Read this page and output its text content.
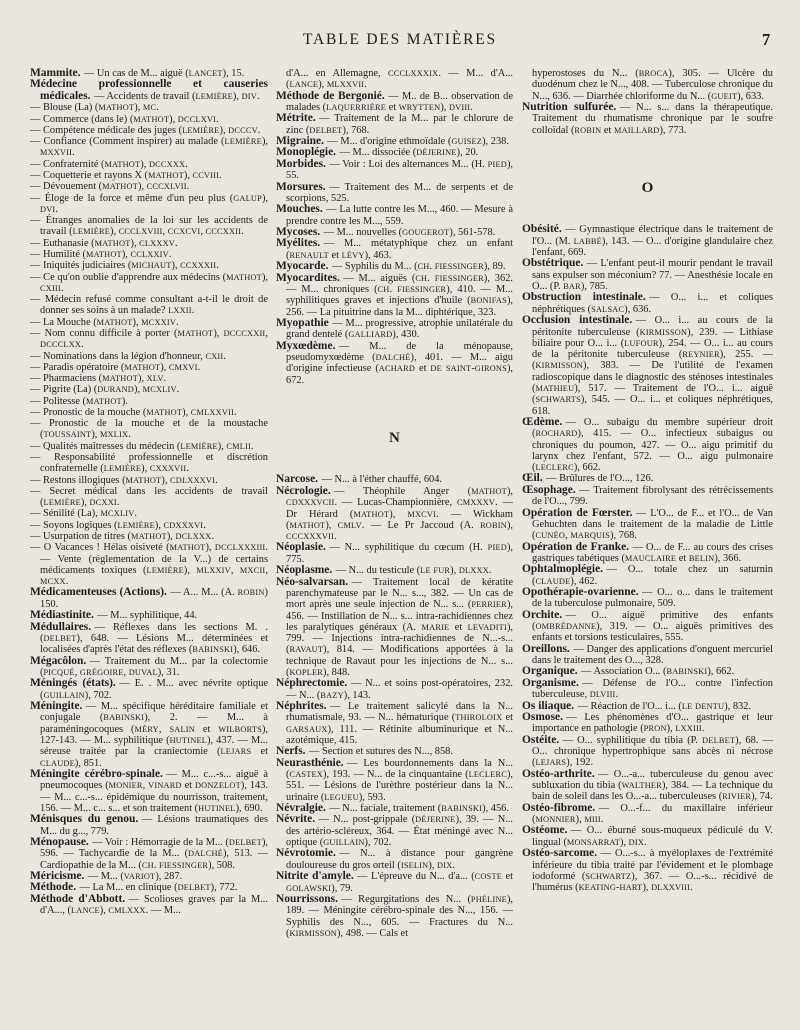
TABLE DES MATIÈRES	7

Mammite. — Un cas de M... aiguë (LANCET), 15.

Médecine professionnelle et causeries médicales. — Accidents de travail (LEMIÈRE), DIV.

— Blouse (La) (MATHOT), MC.

— Commerce (dans le) (MATHOT), DCCLXVI.

— Compétence médicale des juges (LEMIÈRE), DCCCV.

— Confiance (Comment inspirer) au malade (LEMIÈRE), MXXVII.

— Confraternité (MATHOT), DCCXXX.

— Coquetterie et rayons X (MATHOT), CCVIII.

— Dévouement (MATHOT), CCCXLVII.

— Éloge de la force et même d'un peu plus (GALUP), DVI.

— Étranges anomalies de la loi sur les accidents de travail (LEMIÈRE), CCCLXVIII, CCXCVI, CCCXXII.

— Euthanasie (MATHOT), CLXXXV.

— Humilité (MATHOT), CCLXXIV.

— Iniquités judiciaires (MICHAUT), CCXXXII.

— Ce qu'on oublie d'apprendre aux médecins (MATHOT), CXIII.

— Médecin refusé comme consultant a-t-il le droit de donner ses soins à un malade? LXXII.

— La Mouche (MATHOT), MCXXIV.

— Nom connu difficile à porter (MATHOT), DCCCXXII, DCCCLXX.

— Nominations dans la légion d'honneur, CXII.

— Paradis opératoire (MATHOT), CMXVI.

— Pharmaciens (MATHOT), XLV.

— Pigrite (La) (DURAND), MCXLIV.

— Politesse (MATHOT).

— Pronostic de la mouche (MATHOT), CMLXXVII.

— Pronostic de la mouche et de la moustache (TOUSSAINT), MXLIX.

— Qualités maîtresses du médecin (LEMIÈRE), CMLII.

— Responsabilité professionnelle et discrétion confraternelle (LEMIÈRE), CXXXVII.

— Restons illogiques (MATHOT), CDLXXXVI.

— Secret médical dans les accidents de travail (LEMIÈRE), DCXXI.

— Sénilité (La), MCXLIV.

— Soyons logiques (LEMIÈRE), CDXXXVI.

— Usurpation de titres (MATHOT), DCLXXX.

— O Vacances ! Hélas oisiveté (MATHOT), DCCLXXXIII. — Vente (réglementation de la V...) de certains médicaments toxiques (LEMIÈRE), MLXXIV, MXCII, MCXX.

Médicamenteuses (Actions). — A... M... (A. ROBIN) 150.

Médiastinite. — M... syphilitique, 44.

Médullaires. — Réflexes dans les sections M. . (DELBET), 648. — Lésions M... déterminées et localisées d'après l'état des réflexes (BABINSKI), 646.

Mégacôlon. — Traitement du M... par la colectomie (PICQUÉ, GRÉGOIRE, DUVAL), 31.

Méningés (états). — E. . M... avec névrite optique (GUILLAIN), 702.

Méningite. — M... spécifique héréditaire familiale et conjugale (BABINSKI), 2. — M... à paraméningocoques (MÉRY, SALIN et WILBORTS), 127-143. — M... syphilitique (HUTINEL), 437. — M... séreuse traitée par la craniectomie (LEJARS et CLAUDE), 851.

Méningite cérébro-spinale. — M... c...-s... aiguë à pneumocoques (MONIER, VINARD et DONZELOT), 143. — M... c...-s... épidémique du nourrisson, traitement, 156. — M... c... s... et son traitement (HUTINEL), 690.

Ménisques du genou. — Lésions traumatiques des M... du g..., 779.

Ménopause. — Voir : Hémorragie de la M... (DELBET), 596. — Tachycardie de la M... (DALCHÉ), 513. — Cardiopathie de la M... (CH. FIESSINGER), 508.

Méricisme. — M... (VARIOT), 287.

Méthode. — La M... en clinique (DELBET), 772.

Méthode d'Abbott. — Scolioses graves par la M... d'A..., (LANCE), CMLXXX. — M...

d'A... en Allemagne, CCCLXXXIX. — M... d'A... (LANCE), MLXXVII.

Méthode de Bergonié. — M.. de B... observation de malades (LAQUERRIÈRE et WRYTTEN), DVIII.

Métrite. — Traitement de la M... par le chlorure de zinc (DELBET), 768.

Migraine. — M... d'origine ethmoïdale (GUISEZ), 238.

Monoplégie. — M... dissociée (DÉJERINE), 20.

Morbides. — Voir : Loi des alternances M... (H. PIED), 55.

Morsures. — Traitement des M... de serpents et de scorpions, 525.

Mouches. — La lutte contre les M..., 460. — Mesure à prendre contre les M..., 559.

Mycoses. — M... nouvelles (GOUGEROT), 561-578.

Myélites. — M... métatyphique chez un enfant (RENAULT et LÉVY), 463.

Myocarde. — Syphilis du M... (CH. FIESSINGER), 89.

Myocardites. — M... aiguës (CH. FIESSINGER), 362. — M... chroniques (CH. FIESSINGER), 410. — M... syphilitiques graves et injections d'huile (BONIFAS), 256. — La pituitrine dans la M... diphtérique, 323.

Myopathie — M... progressive, atrophie unilatérale du grand dentelé (GALLIARD), 430.

Myxœdème. — M... de la ménopause, pseudomyxœdème (DALCHÉ), 401. — M... aigu d'origine infectieuse (ACHARD et DE SAINT-GIRONS), 672.

N

Narcose. — N... à l'éther chauffé, 604.

Nécrologie. — Théophile Anger (MATHOT), CDXXXVCII. — Lucas-Championnière, CMXXXV. — Dr Hérard (MATHOT), MXCVI. — Wickham (MATHOT), CMLV. — Le Pr Jaccoud (A. ROBIN), CCCXXXVII.

Néoplasie. — N... syphilitique du cœcum (H. PIED), 775.

Néoplasme. — N... du testicule (LE FUR), DLXXX.

Néo-salvarsan. — Traitement local de kératite parenchymateuse par le N... s..., 382. — Un cas de mort après une seule injection de N... s... (PERRIER), 456. — Instillation de N... s... intra-rachidiennes chez les paralytiques généraux (A. MARIE et LEVADITI), 799. — Injections intra-rachidiennes de N...-s... (RAVAUT), 814. — Modifications apportées à la technique de Ravaut pour les injections de N... s... (KOPLER), 848.

Néphrectomie. — N... et soins post-opératoires, 232. — N... (BAZY), 143.

Néphrites. — Le traitement salicylé dans la N... rhumatismale, 93. — N... hématurique (THIROLOIX et GARSAUX), 111. — Rétinite albuminurique et N... azotémique, 415.

Nerfs. — Section et sutures des N..., 858.

Neurasthénie. — Les bourdonnements dans la N... (CASTEX), 193. — N... de la cinquantaine (LECLERC), 551. — Lésions de l'urèthre postérieur dans la N... urinaire (LEGUEU), 593.

Névralgie. — N... faciale, traitement (BABINSKI), 456.

Névrite. — N... post-grippale (DÉJERINE), 39. — N... des artério-scléreux, 364. — État méningé avec N... optique (GUILLAIN), 702.

Névrotomie. — N... à distance pour gangrène douloureuse du gros orteil (ISELIN), DIX.

Nitrite d'amyle. — L'épreuve du N... d'a... (COSTE et GOLAWSKI), 79.

Nourrissons. — Regurgitations des N... (PHÉLINE), 189. — Méningite cérébro-spinale des N..., 156. — Syphilis des N..., 605. — Fractures du N... (KIRMISSON), 498. — Cals et

hyperostoses du N... (BROCA), 305. — Ulcère du duodénum chez le N..., 408. — Tuberculose chronique du N..., 636. — Diarrhée chloriforme du N... (GUEIT), 633.

Nutrition sulfurée. — N... s... dans la thérapeutique. Traitement du rhumatisme chronique par le soufre colloïdal (ROBIN et MAILLARD), 773.

O

Obésité. — Gymnastique électrique dans le traitement de l'O... (M. LABBÉ), 143. — O... d'origine glandulaire chez l'enfant, 669.

Obstétrique. — L'enfant peut-il mourir pendant le travail sans expulser son méconium? 77. — Anesthésie locale en O... (P. BAR), 785.

Obstruction intestinale. — O... i... et coliques néphrétiques (SALSAC), 636.

Occlusion intestinale. — O... i... au cours de la péritonite tuberculeuse (KIRMISSON), 239. — Lithiase biliaire pour O... i... (LUFOUR), 254. — O... i... au cours de la péritonite tuberculeuse (REYNIER), 255. — (KIRMISSON), 383. — De l'utilité de l'examen radioscopique dans le diagnostic des sténoses intestinales (MATHIEU), 517. — Traitement de l'O... i... aiguë (SCHWARTS), 545. — O... i... et coliques néphrétiques, 618.

Œdème. — O... subaigu du membre supérieur droit (ROCHARD), 415. — O... infectieux subaigus ou chroniques du poumon, 427. — O... aigu primitif du larynx chez l'enfant, 572. — O... aigu pulmonaire (LECLERC), 662.

Œil. — Brûlures de l'O..., 126.

Œsophage. — Traitement fibrolysant des rétrécissements de l'O..., 799.

Opération de Fœrster. — L'O... de F... et l'O... de Van Gehuchten dans le traitement de la maladie de Little (CUNÉO, MARQUIS), 768.

Opération de Franke. — O... de F... au cours des crises gastriques tabétiques (MAUCLAIRE et BELIN), 366.

Ophtalmoplégie. — O... totale chez un saturnin (CLAUDE), 462.

Opothérapie-ovarienne. — O... o... dans le traitement de la tuberculose pulmonaire, 509.

Orchite. — O... aiguë primitive des enfants (OMBRÉDANNE), 319. — O... aiguës primitives des enfants et torsions testiculaires, 555.

Oreillons. — Danger des applications d'onguent mercuriel dans le traitement des O..., 328.

Organique. — Association O... (BABINSKI), 662.

Organisme. — Défense de l'O... contre l'infection tuberculeuse, DLVIII.

Os iliaque. — Réaction de l'O... i... (LE DENTU), 832.

Osmose. — Les phénomènes d'O... gastrique et leur importance en pathologie (PRON), LXXIII.

Ostéite. — O... syphilitique du tibia (P. DELBET), 68. — O... chronique hypertrophique sans abcès ni nécrose (LEJARS), 192.

Ostéo-arthrite. — O...-a... tuberculeuse du genou avec subluxation du tibia (WALTHER), 384. — La technique du bain de soleil dans les O...-a... tuberculeuses (RIVIER), 74.

Ostéo-fibrome. — O...-f... du maxillaire inférieur (MONNIER), MIII.

Ostéome. — O... éburné sous-muqueux pédiculé du V. lingual (MONSARRAT), DIX.

Ostéo-sarcome. — O...-s... à myéloplaxes de l'extrémité inférieure du tibia traité par l'évidement et le plombage iodoformé (SCHWARTZ), 367. — O...-s... récidivé de l'humérus (KEATING-HART), DLXXVIII.
